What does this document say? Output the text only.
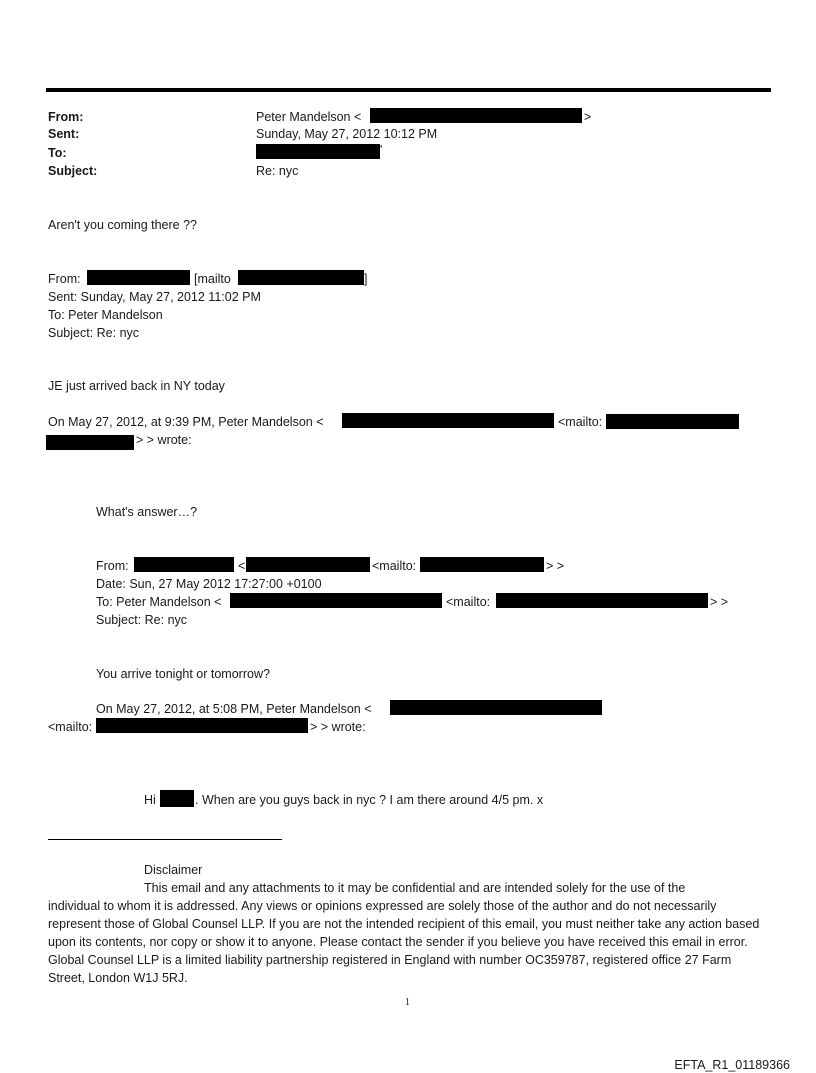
From:	Peter Mandelson <	>
Sent:	Sunday, May 27, 2012 10:12 PM
To:	'
Subject:	Re: nyc
Aren't you coming there ??
From:	[mailto	]
Sent: Sunday, May 27, 2012 11:02 PM
To: Peter Mandelson
Subject: Re: nyc
JE just arrived back in NY today
On May 27, 2012, at 9:39 PM, Peter Mandelson <	<mailto:
> > wrote:
What's answer…?
From:	<	<mailto:	> >
Date: Sun, 27 May 2012 17:27:00 +0100
To: Peter Mandelson <	<mailto:	> >
Subject: Re: nyc
You arrive tonight or tomorrow?
On May 27, 2012, at 5:08 PM, Peter Mandelson <
<mailto:	> > wrote:
Hi	. When are you guys back in nyc ? I am there around 4/5 pm. x
Disclaimer
This email and any attachments to it may be confidential and are intended solely for the use of the
individual to whom it is addressed. Any views or opinions expressed are solely those of the author and do not necessarily represent those of Global Counsel LLP. If you are not the intended recipient of this email, you must neither take any action based upon its contents, nor copy or show it to anyone. Please contact the sender if you believe you have received this email in error. Global Counsel LLP is a limited liability partnership registered in England with number OC359787, registered office 27 Farm Street, London W1J 5RJ.
1
EFTA_R1_01189366
